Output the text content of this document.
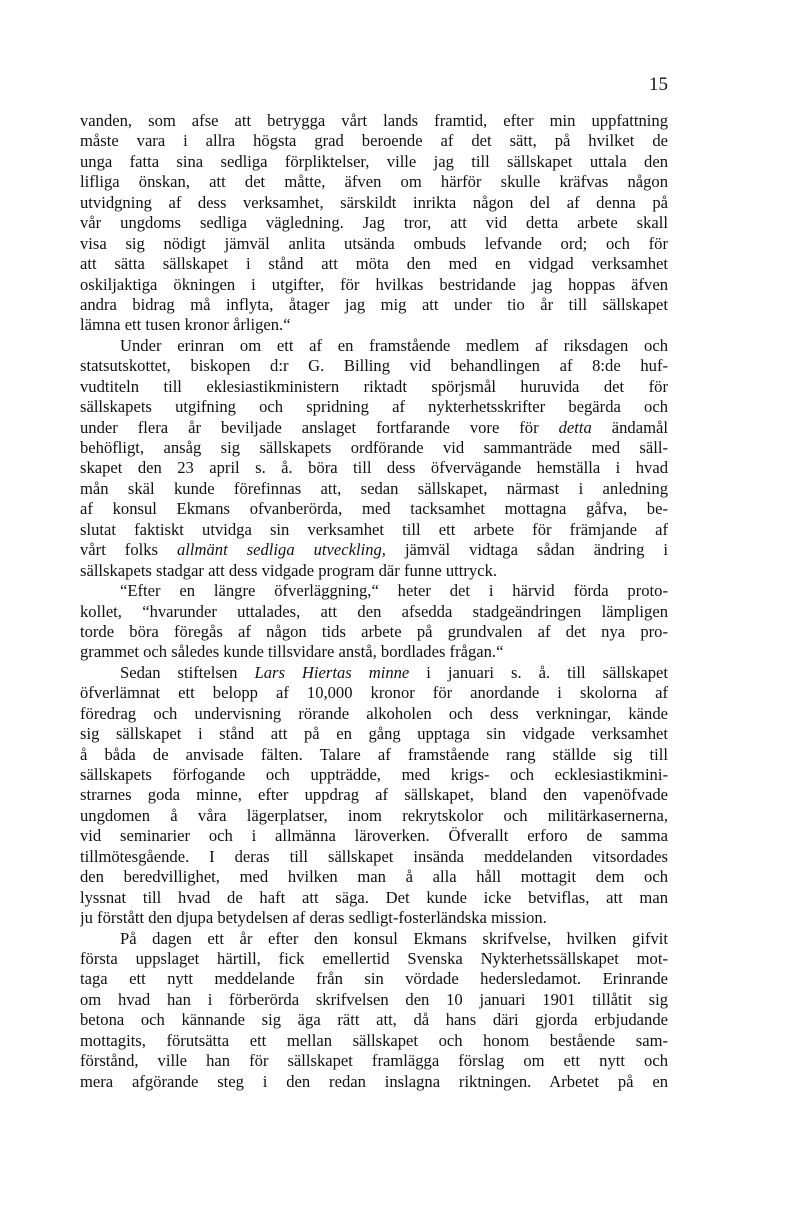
15
vanden, som afse att betrygga vårt lands framtid, efter min uppfattning
måste vara i allra högsta grad beroende af det sätt, på hvilket de
unga fatta sina sedliga förpliktelser, ville jag till sällskapet uttala den
lifliga önskan, att det måtte, äfven om härför skulle kräfvas någon
utvidgning af dess verksamhet, särskildt inrikta någon del af denna på
vår ungdoms sedliga vägledning. Jag tror, att vid detta arbete skall
visa sig nödigt jämväl anlita utsända ombuds lefvande ord; och för
att sätta sällskapet i stånd att möta den med en vidgad verksamhet
oskiljaktiga ökningen i utgifter, för hvilkas bestridande jag hoppas äfven
andra bidrag må inflyta, åtager jag mig att under tio år till sällskapet
lämna ett tusen kronor årligen.“
Under erinran om ett af en framstående medlem af riksdagen och
statsutskottet, biskopen d:r G. Billing vid behandlingen af 8:de huf-
vudtiteln till eklesiastikministern riktadt spörjsmål huruvida det för
sällskapets utgifning och spridning af nykterhetsskrifter begärda och
under flera år beviljade anslaget fortfarande vore för detta ändamål
behöfligt, ansåg sig sällskapets ordförande vid sammanträde med säll-
skapet den 23 april s. å. böra till dess öfvervägande hemställa i hvad
mån skäl kunde förefinnas att, sedan sällskapet, närmast i anledning
af konsul Ekmans ofvanberörda, med tacksamhet mottagna gåfva, be-
slutat faktiskt utvidga sin verksamhet till ett arbete för främjande af
vårt folks allmänt sedliga utveckling, jämväl vidtaga sådan ändring i
sällskapets stadgar att dess vidgade program där funne uttryck.
“Efter en längre öfverläggning,“ heter det i härvid förda proto-
kollet, “hvarunder uttalades, att den afsedda stadgeändringen lämpligen
torde böra föregås af någon tids arbete på grundvalen af det nya pro-
grammet och således kunde tillsvidare anstå, bordlades frågan.“
Sedan stiftelsen Lars Hiertas minne i januari s. å. till sällskapet
öfverlämnat ett belopp af 10,000 kronor för anordande i skolorna af
föredrag och undervisning rörande alkoholen och dess verkningar, kände
sig sällskapet i stånd att på en gång upptaga sin vidgade verksamhet
å båda de anvisade fälten. Talare af framstående rang ställde sig till
sällskapets förfogande och uppträdde, med krigs- och ecklesiastikmini-
strarnes goda minne, efter uppdrag af sällskapet, bland den vapenöfvade
ungdomen å våra lägerplatser, inom rekrytskolor och militärkasernerna,
vid seminarier och i allmänna läroverken. Öfverallt erforo de samma
tillmötesgående. I deras till sällskapet insända meddelanden vitsordades
den beredvillighet, med hvilken man å alla håll mottagit dem och
lyssnat till hvad de haft att säga. Det kunde icke betviflas, att man
ju förstått den djupa betydelsen af deras sedligt-fosterländska mission.
På dagen ett år efter den konsul Ekmans skrifvelse, hvilken gifvit
första uppslaget härtill, fick emellertid Svenska Nykterhetssällskapet mot-
taga ett nytt meddelande från sin vördade hedersledamot. Erinrande
om hvad han i förberörda skrifvelsen den 10 januari 1901 tillåtit sig
betona och kännande sig äga rätt att, då hans däri gjorda erbjudande
mottagits, förutsätta ett mellan sällskapet och honom bestående sam-
förstånd, ville han för sällskapet framlägga förslag om ett nytt och
mera afgörande steg i den redan inslagna riktningen. Arbetet på en
